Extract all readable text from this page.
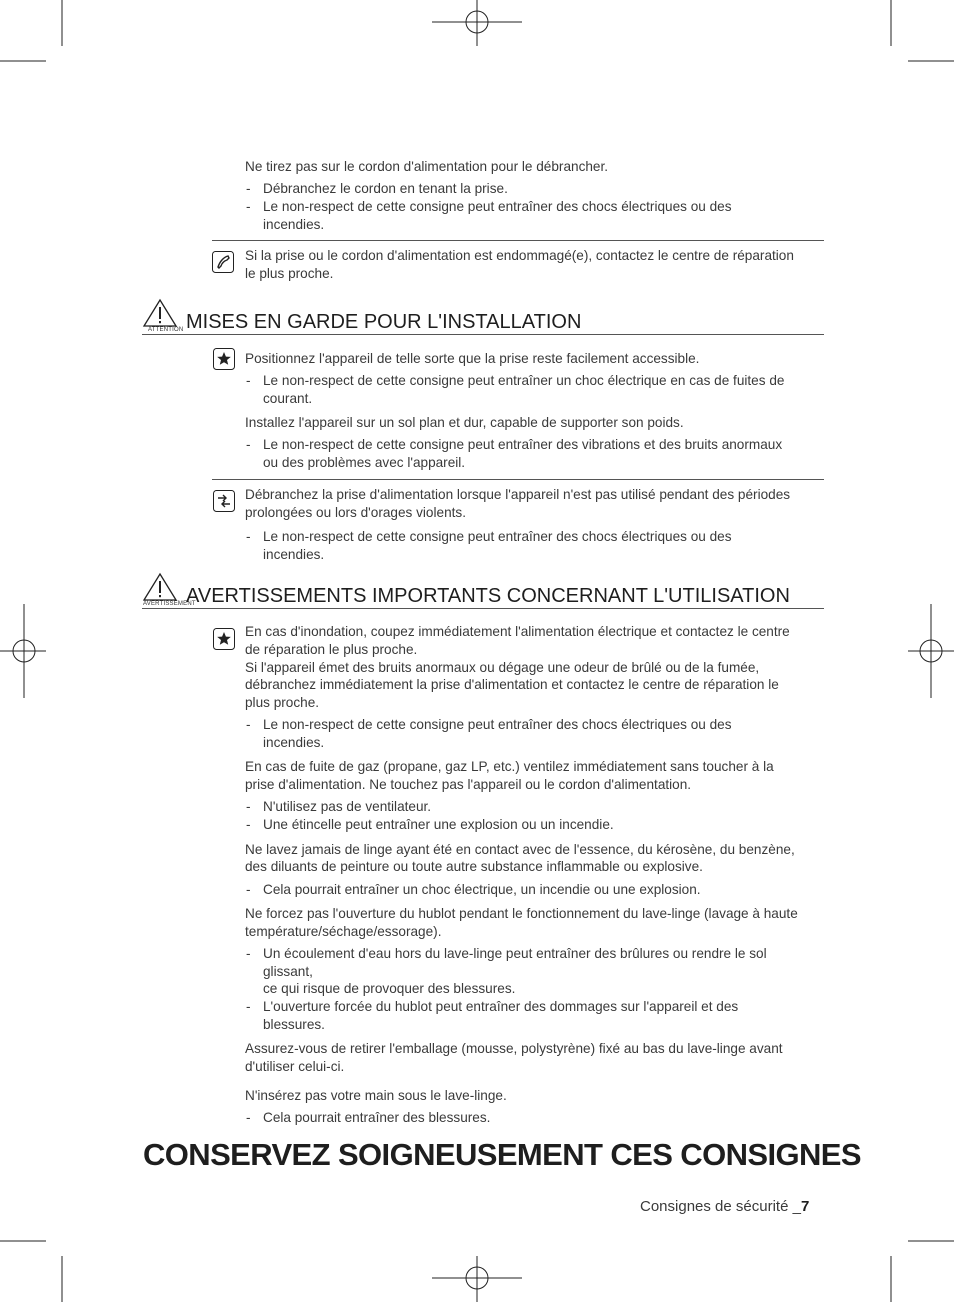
Ne tirez pas sur le cordon d'alimentation pour le débrancher.
- Débranchez le cordon en tenant la prise.
- Le non-respect de cette consigne peut entraîner des chocs électriques ou des
incendies.
Si la prise ou le cordon d'alimentation est endommagé(e), contactez le centre de réparation
le plus proche.
ATTENTION MISES EN GARDE POUR L'INSTALLATION
Positionnez l'appareil de telle sorte que la prise reste facilement accessible.
- Le non-respect de cette consigne peut entraîner un choc électrique en cas de fuites de
courant.
Installez l'appareil sur un sol plan et dur, capable de supporter son poids.
- Le non-respect de cette consigne peut entraîner des vibrations et des bruits anormaux
ou des problèmes avec l'appareil.
Débranchez la prise d'alimentation lorsque l'appareil n'est pas utilisé pendant des périodes
prolongées ou lors d'orages violents.
- Le non-respect de cette consigne peut entraîner des chocs électriques ou des
incendies.
AVERTISSEMENT
AVERTISSEMENTS IMPORTANTS CONCERNANT L'UTILISATION
En cas d'inondation, coupez immédiatement l'alimentation électrique et contactez le centre
de réparation le plus proche.
Si l'appareil émet des bruits anormaux ou dégage une odeur de brûlé ou de la fumée,
débranchez immédiatement la prise d'alimentation et contactez le centre de réparation le
plus proche.
- Le non-respect de cette consigne peut entraîner des chocs électriques ou des
incendies.
En cas de fuite de gaz (propane, gaz LP, etc.) ventilez immédiatement sans toucher à la
prise d'alimentation. Ne touchez pas l'appareil ou le cordon d'alimentation.
- N'utilisez pas de ventilateur.
- Une étincelle peut entraîner une explosion ou un incendie.
Ne lavez jamais de linge ayant été en contact avec de l'essence, du kérosène, du benzène,
des diluants de peinture ou toute autre substance inflammable ou explosive.
- Cela pourrait entraîner un choc électrique, un incendie ou une explosion.
Ne forcez pas l'ouverture du hublot pendant le fonctionnement du lave-linge (lavage à haute
température/séchage/essorage).
- Un écoulement d'eau hors du lave-linge peut entraîner des brûlures ou rendre le sol
glissant,
ce qui risque de provoquer des blessures.
- L'ouverture forcée du hublot peut entraîner des dommages sur l'appareil et des
blessures.
Assurez-vous de retirer l'emballage (mousse, polystyrène) fixé au bas du lave-linge avant
d'utiliser celui-ci.
N'insérez pas votre main sous le lave-linge.
- Cela pourrait entraîner des blessures.
CONSERVEZ SOIGNEUSEMENT CES CONSIGNES
Consignes de sécurité _7
